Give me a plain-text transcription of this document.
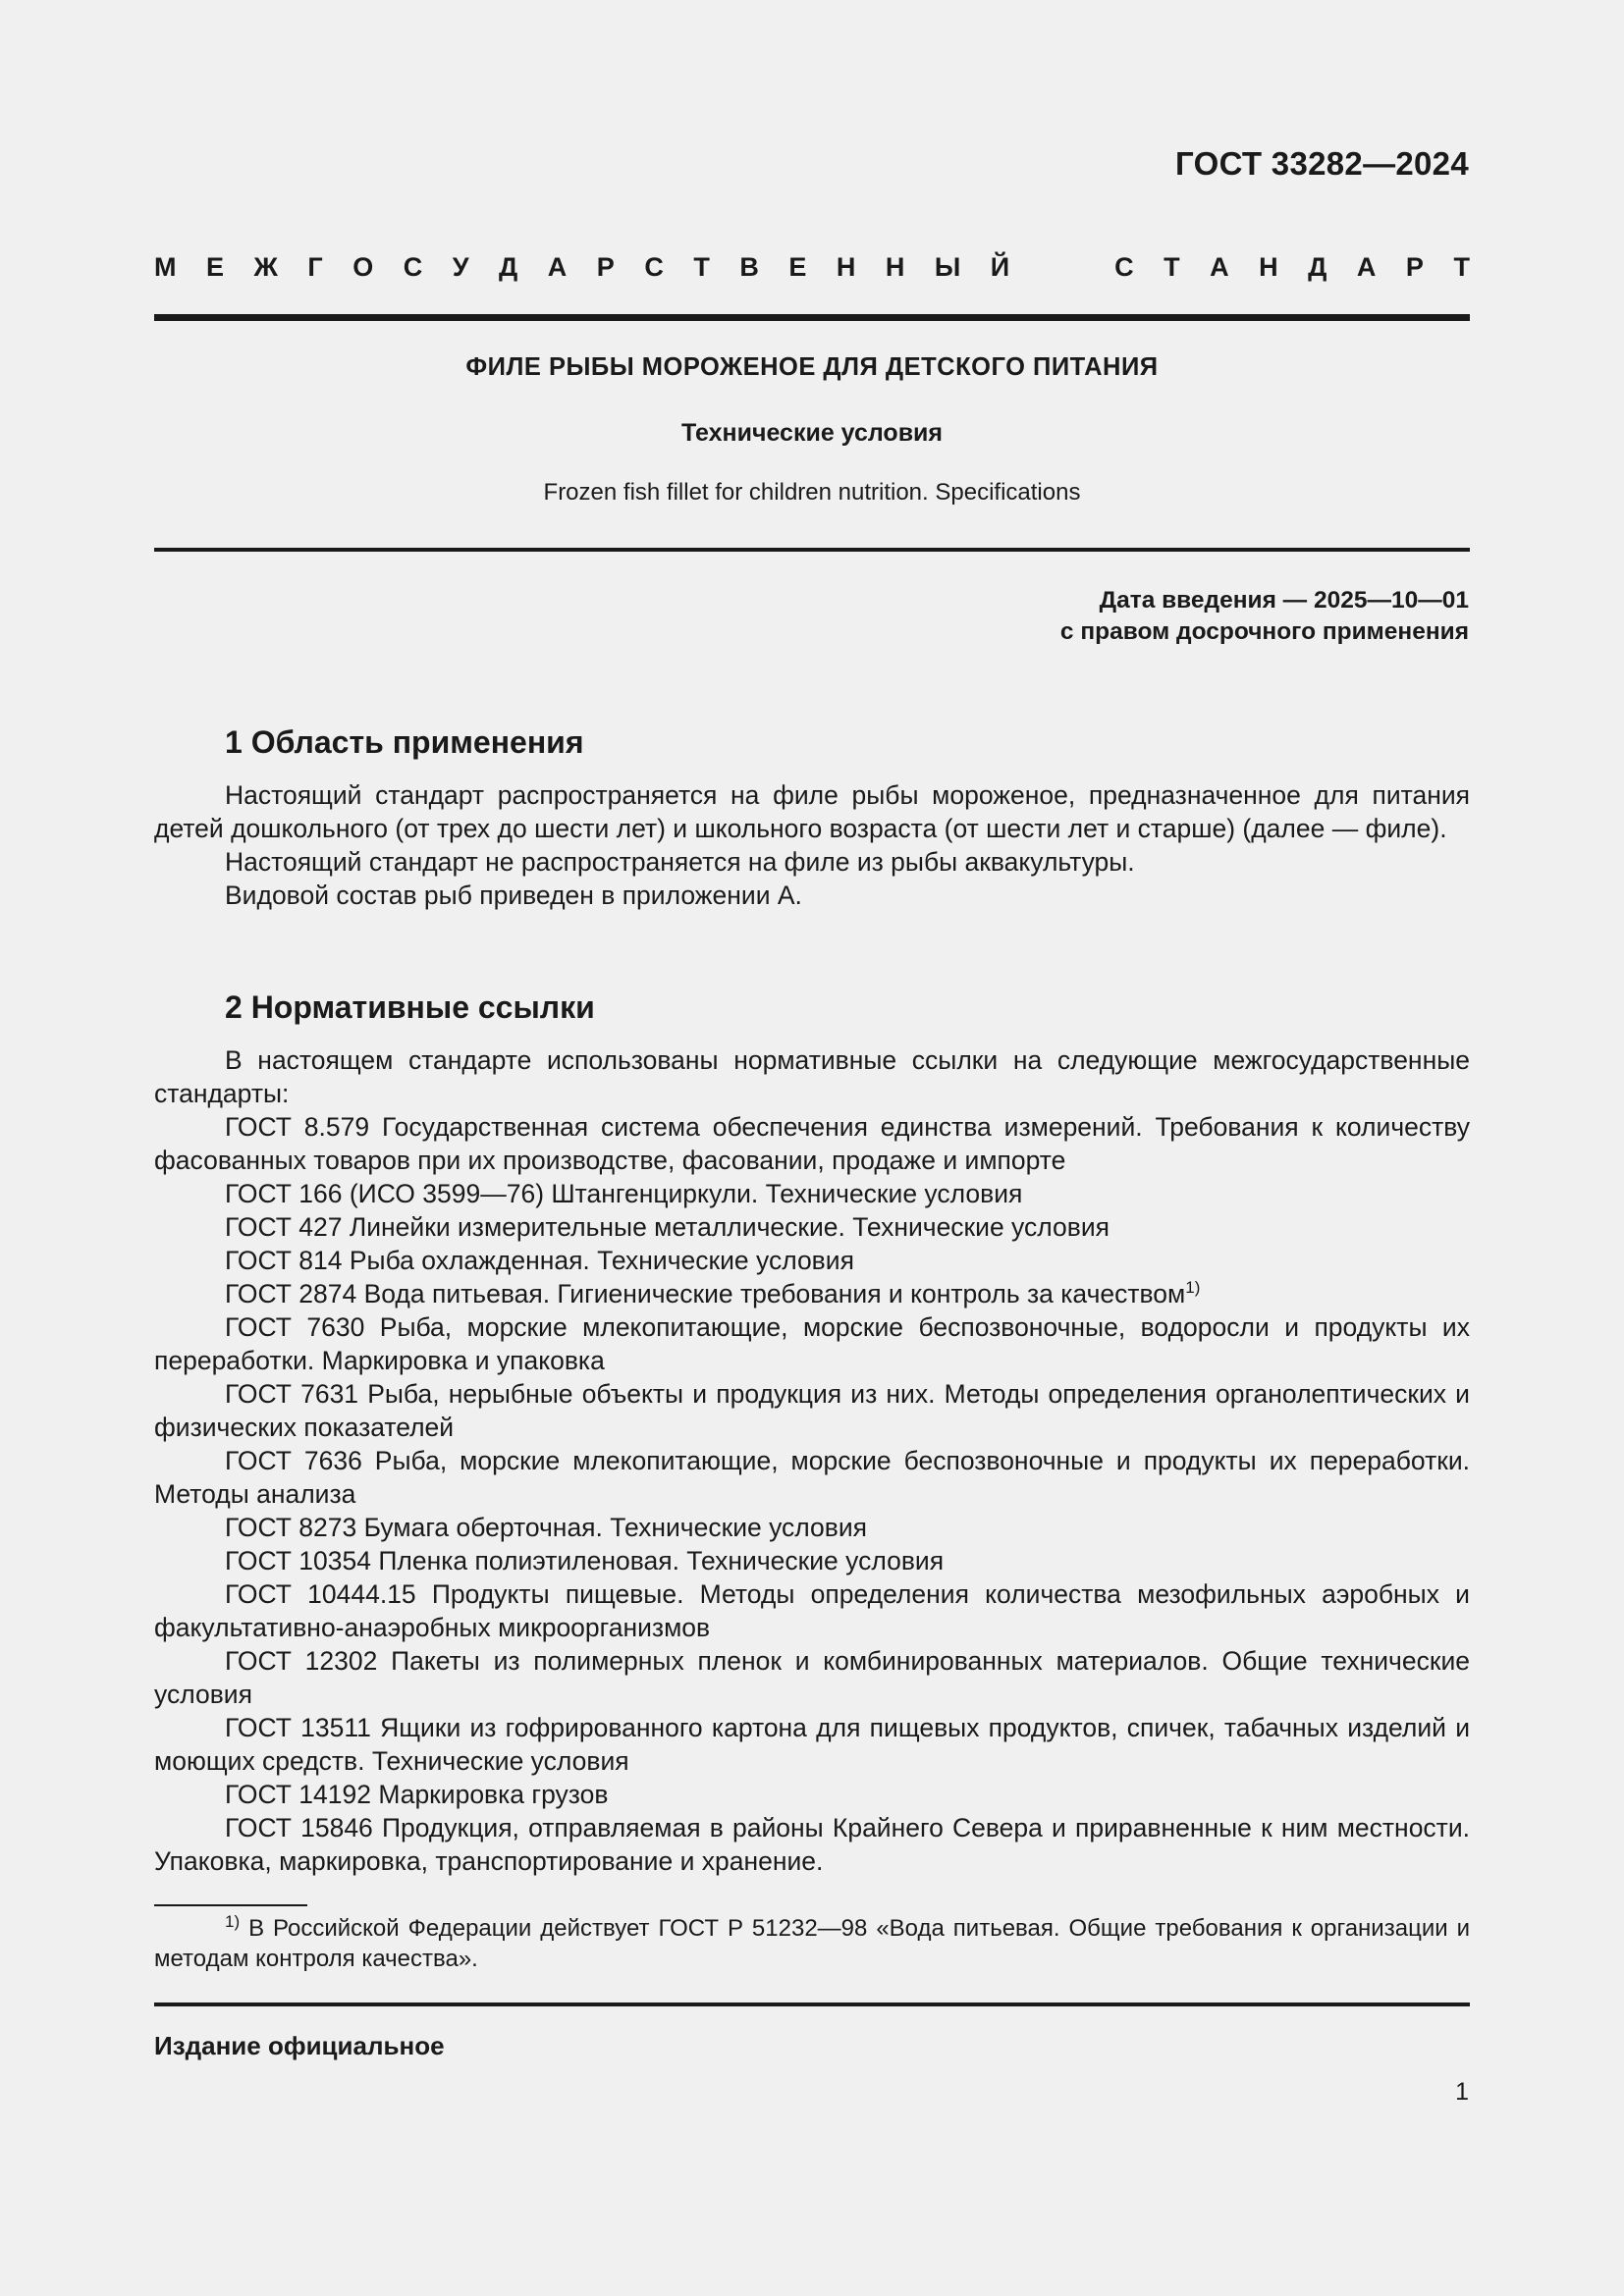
ГОСТ 33282—2024
М Е Ж Г О С У Д А Р С Т В Е Н Н Ы Й	С Т А Н Д А Р Т
ФИЛЕ РЫБЫ МОРОЖЕНОЕ ДЛЯ ДЕТСКОГО ПИТАНИЯ
Технические условия
Frozen fish fillet for children nutrition. Specifications
Дата введения — 2025—10—01
с правом досрочного применения
1 Область применения

Настоящий стандарт распространяется на филе рыбы мороженое, предназначенное для питания детей дошкольного (от трех до шести лет) и школьного возраста (от шести лет и старше) (далее — филе).

Настоящий стандарт не распространяется на филе из рыбы аквакультуры.

Видовой состав рыб приведен в приложении А.

2 Нормативные ссылки

В настоящем стандарте использованы нормативные ссылки на следующие межгосударственные стандарты:

ГОСТ 8.579 Государственная система обеспечения единства измерений. Требования к количеству фасованных товаров при их производстве, фасовании, продаже и импорте

ГОСТ 166 (ИСО 3599—76) Штангенциркули. Технические условия

ГОСТ 427 Линейки измерительные металлические. Технические условия

ГОСТ 814 Рыба охлажденная. Технические условия

ГОСТ 2874 Вода питьевая. Гигиенические требования и контроль за качеством$^{1)}$

ГОСТ 7630 Рыба, морские млекопитающие, морские беспозвоночные, водоросли и продукты их переработки. Маркировка и упаковка

ГОСТ 7631 Рыба, нерыбные объекты и продукция из них. Методы определения органолептических и физических показателей

ГОСТ 7636 Рыба, морские млекопитающие, морские беспозвоночные и продукты их переработки. Методы анализа

ГОСТ 8273 Бумага оберточная. Технические условия

ГОСТ 10354 Пленка полиэтиленовая. Технические условия

ГОСТ 10444.15 Продукты пищевые. Методы определения количества мезофильных аэробных и факультативно-анаэробных микроорганизмов

ГОСТ 12302 Пакеты из полимерных пленок и комбинированных материалов. Общие технические условия

ГОСТ 13511 Ящики из гофрированного картона для пищевых продуктов, спичек, табачных изделий и моющих средств. Технические условия

ГОСТ 14192 Маркировка грузов

ГОСТ 15846 Продукция, отправляемая в районы Крайнего Севера и приравненные к ним местности. Упаковка, маркировка, транспортирование и хранение.

$^{1)}$ В Российской Федерации действует ГОСТ Р 51232—98 «Вода питьевая. Общие требования к организации и методам контроля качества».
Издание официальное
1
